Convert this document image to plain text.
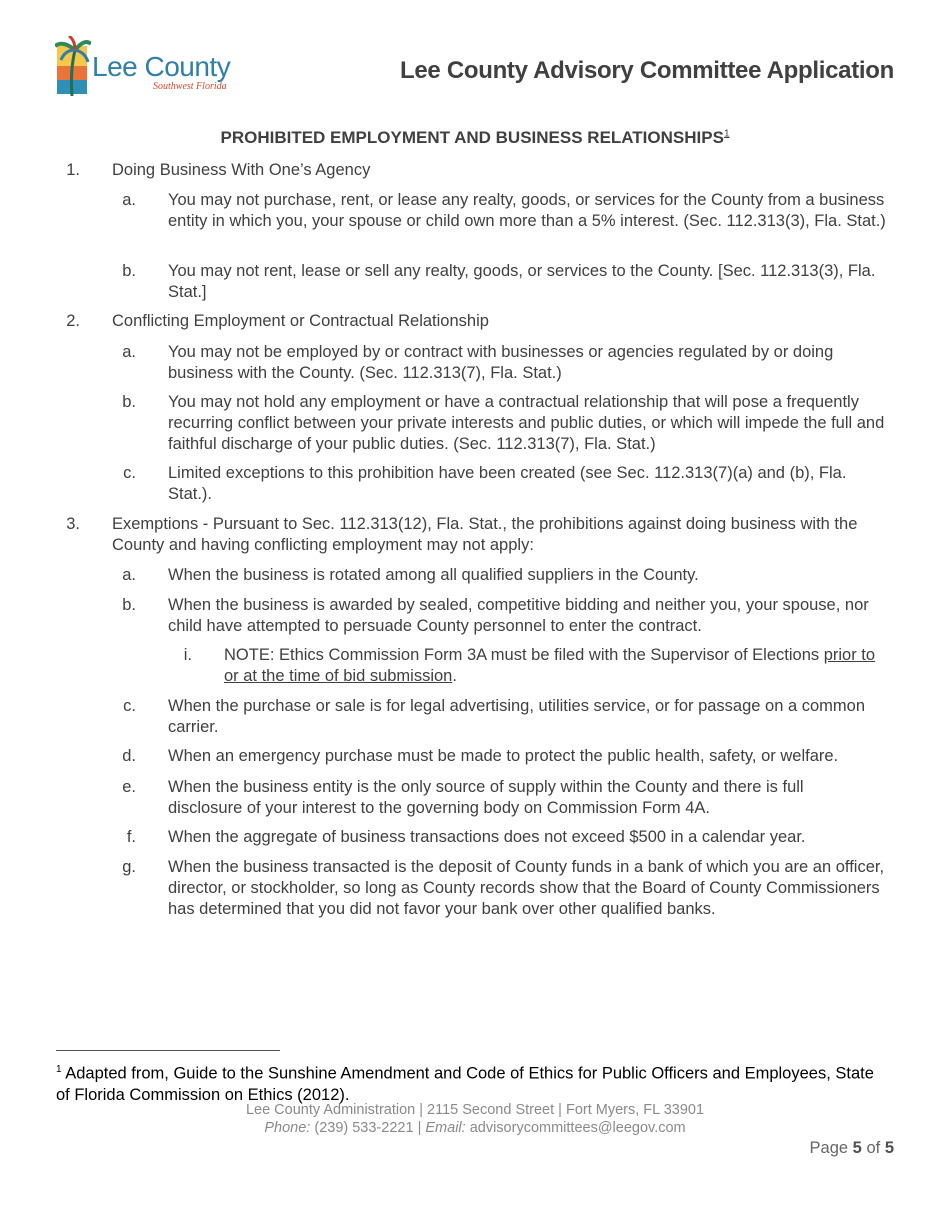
Lee County
Southwest Florida
Lee County Advisory Committee Application
PROHIBITED EMPLOYMENT AND BUSINESS RELATIONSHIPS$^1$
1. Doing Business With One’s Agency
a. You may not purchase, rent, or lease any realty, goods, or services for the County from a business entity in which you, your spouse or child own more than a 5% interest. (Sec. 112.313(3), Fla. Stat.)
b. You may not rent, lease or sell any realty, goods, or services to the County. [Sec. 112.313(3), Fla. Stat.]
2. Conflicting Employment or Contractual Relationship
a. You may not be employed by or contract with businesses or agencies regulated by or doing business with the County. (Sec. 112.313(7), Fla. Stat.)
b. You may not hold any employment or have a contractual relationship that will pose a frequently recurring conflict between your private interests and public duties, or which will impede the full and faithful discharge of your public duties. (Sec. 112.313(7), Fla. Stat.)
c. Limited exceptions to this prohibition have been created (see Sec. 112.313(7)(a) and (b), Fla. Stat.).
3. Exemptions - Pursuant to Sec. 112.313(12), Fla. Stat., the prohibitions against doing business with the County and having conflicting employment may not apply:
a. When the business is rotated among all qualified suppliers in the County.
b. When the business is awarded by sealed, competitive bidding and neither you, your spouse, nor child have attempted to persuade County personnel to enter the contract.
i. NOTE: Ethics Commission Form 3A must be filed with the Supervisor of Elections prior to or at the time of bid submission.
c. When the purchase or sale is for legal advertising, utilities service, or for passage on a common carrier.
d. When an emergency purchase must be made to protect the public health, safety, or welfare.
e. When the business entity is the only source of supply within the County and there is full disclosure of your interest to the governing body on Commission Form 4A.
f. When the aggregate of business transactions does not exceed $500 in a calendar year.
g. When the business transacted is the deposit of County funds in a bank of which you are an officer, director, or stockholder, so long as County records show that the Board of County Commissioners has determined that you did not favor your bank over other qualified banks.
$^1$ Adapted from, Guide to the Sunshine Amendment and Code of Ethics for Public Officers and Employees, State of Florida Commission on Ethics (2012).
Lee County Administration | 2115 Second Street | Fort Myers, FL 33901
Phone: (239) 533-2221 | Email: advisorycommittees@leegov.com
Page 5 of 5
